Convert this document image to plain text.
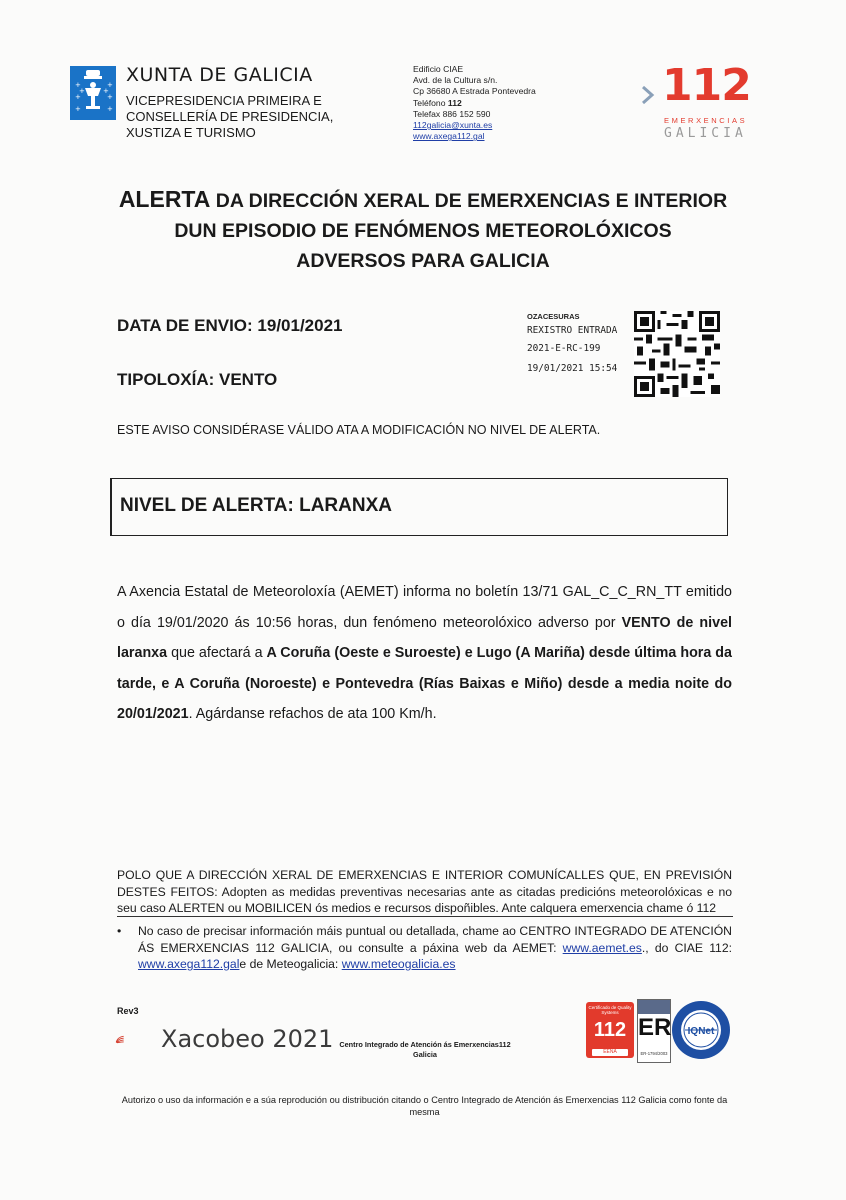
+	+
+	+
+	+
+	+
XUNTA DE GALICIA
VICEPRESIDENCIA PRIMEIRA E
CONSELLERÍA DE PRESIDENCIA,
XUSTIZA E TURISMO
Edificio CIAE
Avd. de la Cultura s/n.
Cp 36680 A Estrada Pontevedra
Teléfono 112
Telefax 886 152 590
112galicia@xunta.es
www.axega112.gal
112
EMERXENCIAS
GALICIA
ALERTA DA DIRECCIÓN XERAL DE EMERXENCIAS E INTERIOR
DUN EPISODIO DE FENÓMENOS METEOROLÓXICOS
ADVERSOS PARA GALICIA
DATA DE ENVIO: 19/01/2021
TIPOLOXÍA: VENTO
OZACESURAS
REXISTRO ENTRADA
2021-E-RC-199
19/01/2021 15:54
ESTE AVISO CONSIDÉRASE VÁLIDO ATA A MODIFICACIÓN NO NIVEL DE ALERTA.
NIVEL DE ALERTA: LARANXA
A Axencia Estatal de Meteoroloxía (AEMET) informa no boletín 13/71 GAL_C_C_RN_TT emitido o día 19/01/2020 ás 10:56 horas, dun fenómeno meteorolóxico adverso por VENTO de nivel laranxa que afectará a A Coruña (Oeste e Suroeste) e Lugo (A Mariña) desde última hora da tarde, e A Coruña (Noroeste) e Pontevedra (Rías Baixas e Miño) desde a media noite do 20/01/2021. Agárdanse refachos de ata 100 Km/h.
POLO QUE A DIRECCIÓN XERAL DE EMERXENCIAS E INTERIOR COMUNÍCALLES QUE, EN PREVISIÓN DESTES FEITOS: Adopten as medidas preventivas necesarias ante as citadas predicións meteorolóxicas e no seu caso ALERTEN ou MOBILICEN ós medios e recursos dispoñibles. Ante calquera emerxencia chame ó 112
• No caso de precisar información máis puntual ou detallada, chame ao CENTRO INTEGRADO DE ATENCIÓN ÁS EMERXENCIAS 112 GALICIA, ou consulte a páxina web da AEMET: www.aemet.es., do CIAE 112: www.axega112.gale de Meteogalicia: www.meteogalicia.es
Rev3
Xacobeo 2021 Centro Integrado de Atención ás Emerxencias112
Galicia
Certificado de Quality Systems
112
EENA
ER
ER-1794/2003
IQNet
Autorizo o uso da información e a súa reprodución ou distribución citando o Centro Integrado de Atención ás Emerxencias 112 Galicia como fonte da mesma
